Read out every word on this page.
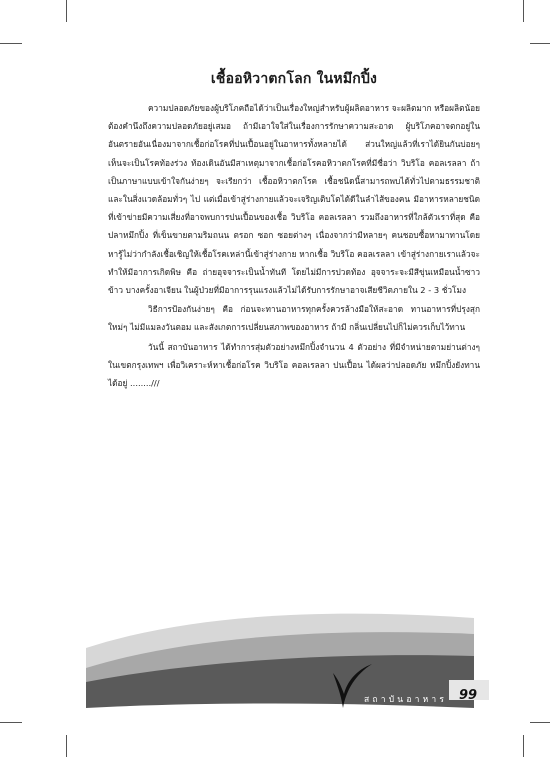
เชื้ออหิวาตกโลก ในหมึกปิ้ง

ความปลอดภัยของผู้บริโภคถือได้ว่าเป็นเรื่องใหญ่สำหรับผู้ผลิตอาหาร จะผลิตมาก หรือผลิตน้อย ต้องคำนึงถึงความปลอดภัยอยู่เสมอ ถ้ามีเอาใจใส่ในเรื่องการรักษาความสะอาด ผู้บริโภคอาจตกอยู่ในอันตรายอันเนื่องมาจากเชื้อก่อโรคที่ปนเปื้อนอยู่ในอาหารทั้งหลายได้ ส่วนใหญ่แล้วที่เราได้ยินกันบ่อยๆ เห็นจะเป็นโรคท้องร่วง ท้องเดินอันมีสาเหตุมาจากเชื้อก่อโรคอหิวาตกโรคที่มีชื่อว่า วิบริโอ คอลเรลลา ถ้าเป็นภาษาแบบเข้าใจกันง่ายๆ จะเรียกว่า เชื้ออหิวาตกโรค เชื้อชนิดนี้สามารถพบได้ทั่วไปตามธรรมชาติ และในสิ่งแวดล้อมทั่วๆ ไป แต่เมื่อเข้าสู่ร่างกายแล้วจะเจริญเติบโตได้ดีในลำไส้ของคน มีอาหารหลายชนิดที่เข้าข่ายมีความเสี่ยงที่อาจพบการปนเปื้อนของเชื้อ วิบริโอ คอลเรลลา รวมถึงอาหารที่ใกล้ตัวเราที่สุด คือ ปลาหมึกปิ้ง ที่เข็นขายตามริมถนน ตรอก ซอก ซอยต่างๆ เนื่องจากว่ามีหลายๆ คนชอบซื้อหามาทานโดยหารู้ไม่ว่ากำลังเชื้อเชิญให้เชื้อโรคเหล่านี้เข้าสู่ร่างกาย หากเชื้อ วิบริโอ คอลเรลลา เข้าสู่ร่างกายเราแล้วจะทำให้มีอาการเกิดพิษ คือ ถ่ายอุจจาระเป็นน้ำทันที โดยไม่มีการปวดท้อง อุจจาระจะมีสีขุ่นเหมือนน้ำซาวข้าว บางครั้งอาเจียน ในผู้ป่วยที่มีอาการรุนแรงแล้วไม่ได้รับการรักษาอาจเสียชีวิตภายใน 2 - 3 ชั่วโมง

วิธีการป้องกันง่ายๆ คือ ก่อนจะทานอาหารทุกครั้งควรล้างมือให้สะอาด ทานอาหารที่ปรุงสุกใหม่ๆ ไม่มีแมลงวันตอม และสังเกตการเปลี่ยนสภาพของอาหาร ถ้ามี กลิ่นเปลี่ยนไปก็ไม่ควรเก็บไว้ทาน

วันนี้ สถาบันอาหาร ได้ทำการสุ่มตัวอย่างหมึกปิ้งจำนวน 4 ตัวอย่าง ที่มีจำหน่ายตามย่านต่างๆ ในเขตกรุงเทพฯ เพื่อวิเคราะห์หาเชื้อก่อโรค วิบริโอ คอลเรลลา ปนเปื้อน ได้ผลว่าปลอดภัย หมึกปิ้งยังทานได้อยู่ ........///

สถาบันอาหาร 99
